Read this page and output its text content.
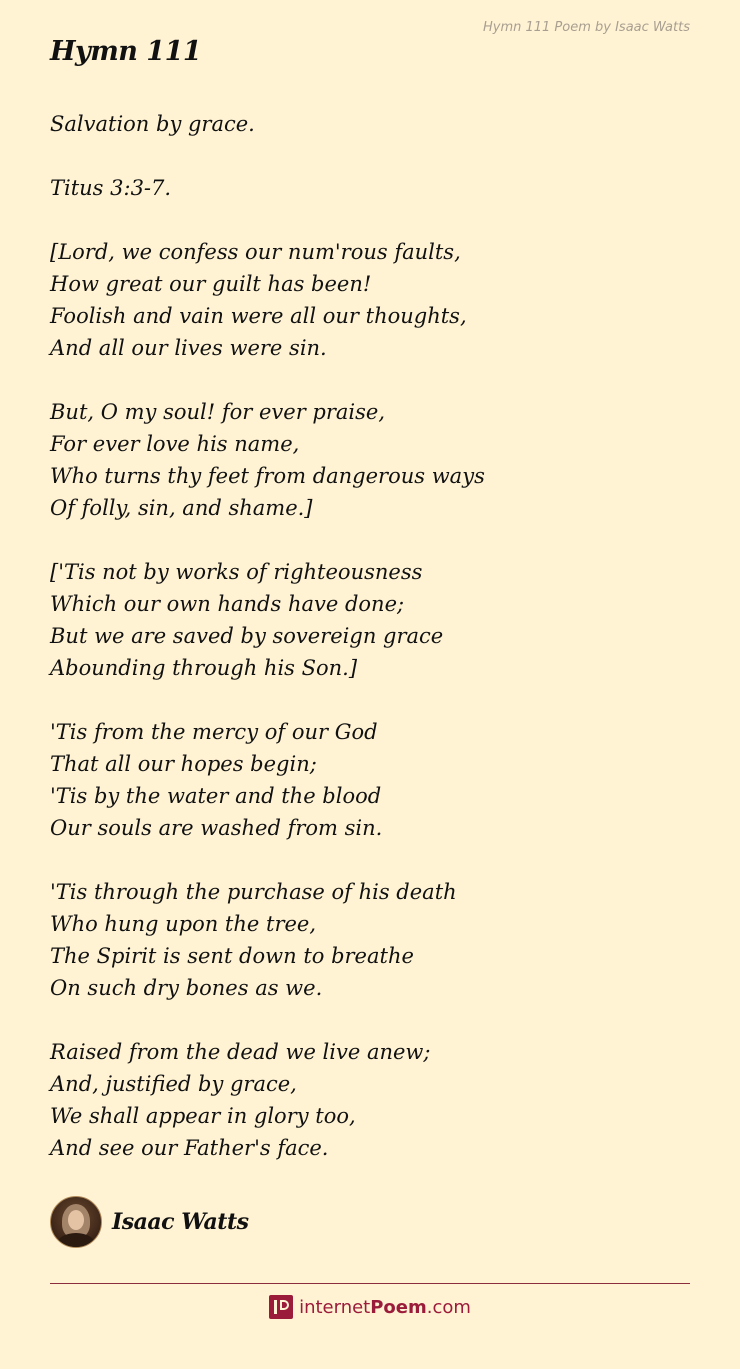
Hymn 111 Poem by Isaac Watts
Hymn 111
Salvation by grace.
Titus 3:3-7.
[Lord, we confess our num'rous faults,
How great our guilt has been!
Foolish and vain were all our thoughts,
And all our lives were sin.
But, O my soul! for ever praise,
For ever love his name,
Who turns thy feet from dangerous ways
Of folly, sin, and shame.]
['Tis not by works of righteousness
Which our own hands have done;
But we are saved by sovereign grace
Abounding through his Son.]
'Tis from the mercy of our God
That all our hopes begin;
'Tis by the water and the blood
Our souls are washed from sin.
'Tis through the purchase of his death
Who hung upon the tree,
The Spirit is sent down to breathe
On such dry bones as we.
Raised from the dead we live anew;
And, justified by grace,
We shall appear in glory too,
And see our Father's face.
Isaac Watts
internet Poem .com
